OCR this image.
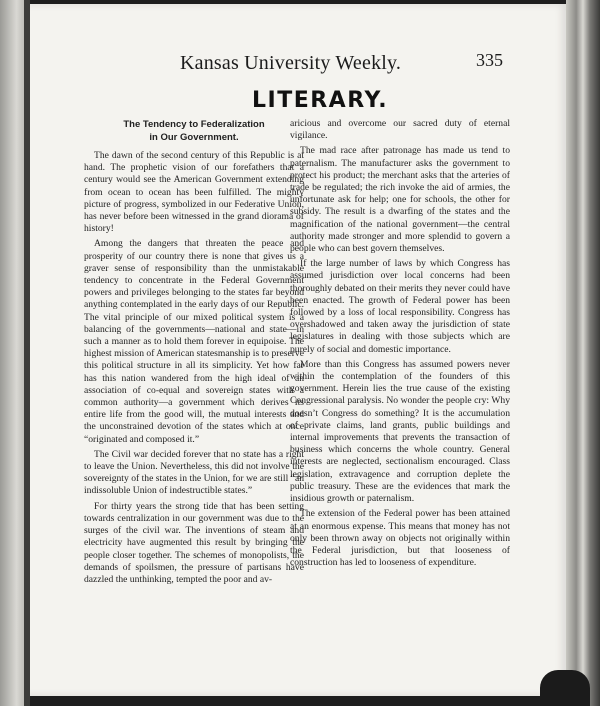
Kansas University Weekly.	335
LITERARY.
The Tendency to Federalization
in Our Government.

The dawn of the second century of this Republic is at hand. The prophetic vision of our forefathers that a century would see the American Government extending from ocean to ocean has been fulfilled. The mighty picture of progress, symbolized in our Federative Union, has never before been witnessed in the grand diorama of history!

Among the dangers that threaten the peace and prosperity of our country there is none that gives us a graver sense of responsibility than the unmistakable tendency to concentrate in the Federal Government powers and privileges belonging to the states far beyond anything contemplated in the early days of our Republic. The vital principle of our mixed political system is a balancing of the governments—national and state—in such a manner as to hold them forever in equipoise. The highest mission of American statesmanship is to preserve this political structure in all its simplicity. Yet how far has this nation wandered from the high ideal of an association of co-equal and sovereign states with a common authority—a government which derives its entire life from the good will, the mutual interests and the unconstrained devotion of the states which at once “originated and composed it.”

The Civil war decided forever that no state has a right to leave the Union. Nevertheless, this did not involve the sovereignty of the states in the Union, for we are still “an indissoluble Union of indestructible states.”

For thirty years the strong tide that has been setting towards centralization in our government was due to the surges of the civil war. The inventions of steam and electricity have augmented this result by bringing the people closer together. The schemes of monopolists, the demands of spoilsmen, the pressure of partisans have dazzled the unthinking, tempted the poor and av-

aricious and overcome our sacred duty of eternal vigilance.

The mad race after patronage has made us tend to paternalism. The manufacturer asks the government to protect his product; the merchant asks that the arteries of trade be regulated; the rich invoke the aid of armies, the unfortunate ask for help; one for schools, the other for subsidy. The result is a dwarfing of the states and the magnification of the national government—the central authority made stronger and more splendid to govern a people who can best govern themselves.

If the large number of laws by which Congress has assumed jurisdiction over local concerns had been thoroughly debated on their merits they never could have been enacted. The growth of Federal power has been followed by a loss of local responsibility. Congress has overshadowed and taken away the jurisdiction of state legislatures in dealing with those subjects which are purely of social and domestic importance.

More than this Congress has assumed powers never within the contemplation of the founders of this government. Herein lies the true cause of the existing Congressional paralysis. No wonder the people cry: Why doesn’t Congress do something? It is the accumulation of private claims, land grants, public buildings and internal improvements that prevents the transaction of business which concerns the whole country. General interests are neglected, sectionalism encouraged. Class legislation, extravagence and corruption deplete the public treasury. These are the evidences that mark the insidious growth or paternalism.

The extension of the Federal power has been attained at an enormous expense. This means that money has not only been thrown away on objects not originally within the Federal jurisdiction, but that looseness of construction has led to looseness of expenditure.
